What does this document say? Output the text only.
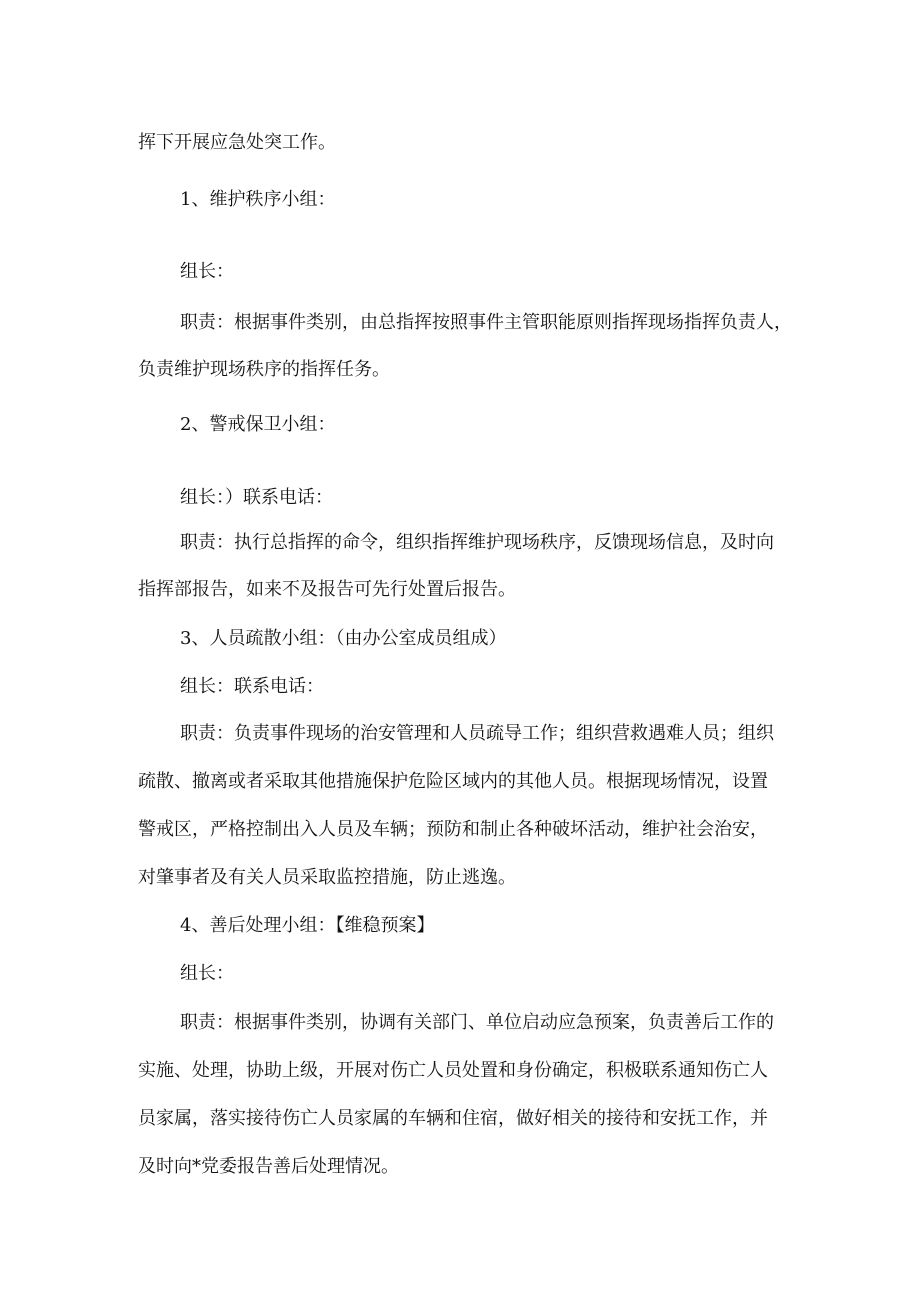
挥下开展应急处突工作。
1、维护秩序小组：
组长：
职责：根据事件类别，由总指挥按照事件主管职能原则指挥现场指挥负责人，
负责维护现场秩序的指挥任务。
2、警戒保卫小组：
组长：）联系电话：
职责：执行总指挥的命令，组织指挥维护现场秩序，反馈现场信息，及时向
指挥部报告，如来不及报告可先行处置后报告。
3、人员疏散小组：（由办公室成员组成）
组长：联系电话：
职责：负责事件现场的治安管理和人员疏导工作；组织营救遇难人员；组织
疏散、撤离或者采取其他措施保护危险区域内的其他人员。根据现场情况，设置
警戒区，严格控制出入人员及车辆；预防和制止各种破坏活动，维护社会治安，
对肇事者及有关人员采取监控措施，防止逃逸。
4、善后处理小组：【维稳预案】
组长：
职责：根据事件类别，协调有关部门、单位启动应急预案，负责善后工作的
实施、处理，协助上级，开展对伤亡人员处置和身份确定，积极联系通知伤亡人
员家属，落实接待伤亡人员家属的车辆和住宿，做好相关的接待和安抚工作，并
及时向*党委报告善后处理情况。
